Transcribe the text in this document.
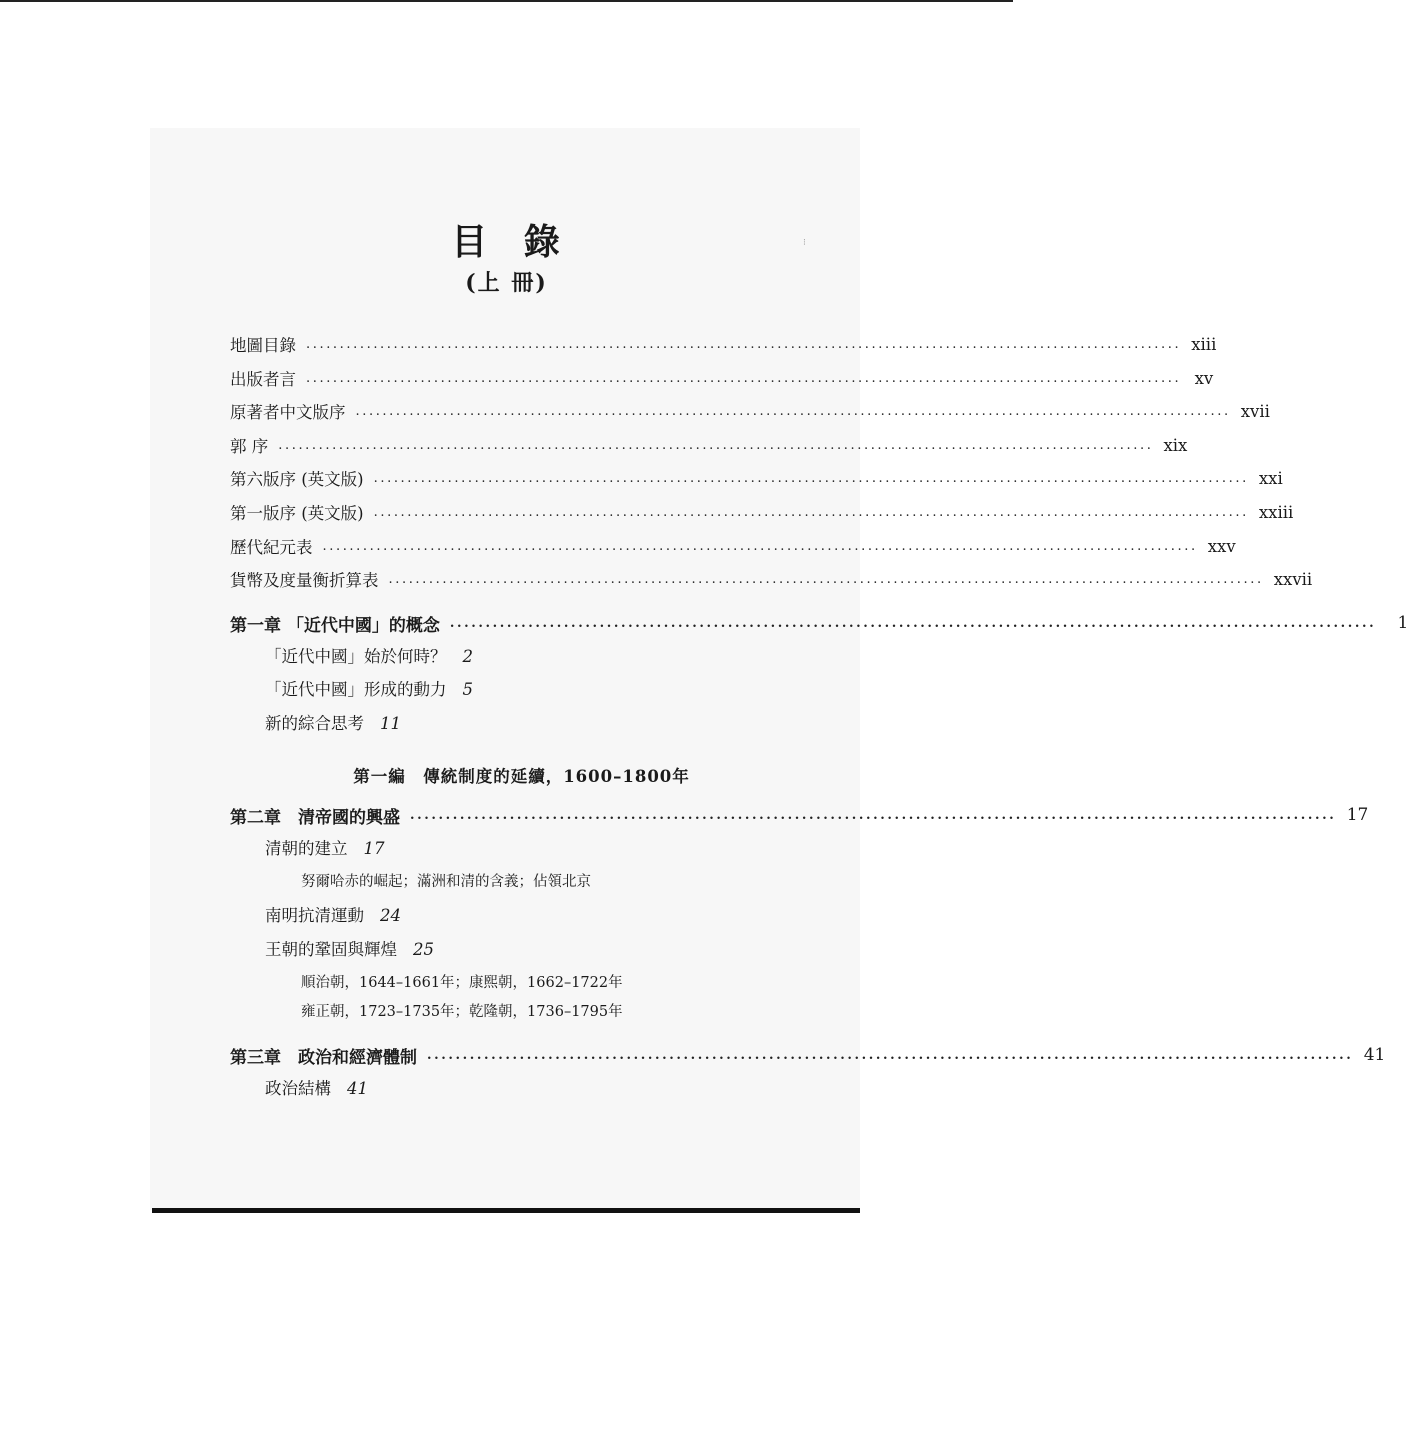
⁝
目 錄
(上 冊)
地圖目錄 .................................................................................................................................. xiii
出版者言 .................................................................................................................................. xv
原著者中文版序 .................................................................................................................................. xvii
郭 序 .................................................................................................................................. xix
第六版序 (英文版) .................................................................................................................................. xxi
第一版序 (英文版) .................................................................................................................................. xxiii
歷代紀元表 .................................................................................................................................. xxv
貨幣及度量衡折算表 .................................................................................................................................. xxvii
第一章 「近代中國」的概念 ..................................................................................................................................	1
「近代中國」始於何時？ 2
「近代中國」形成的動力 5
新的綜合思考 11
第一編　傳統制度的延續，1600–1800年
第二章　清帝國的興盛 .................................................................................................................................. 17
清朝的建立 17
努爾哈赤的崛起；滿洲和清的含義；佔領北京
南明抗清運動 24
王朝的鞏固與輝煌 25
順治朝，1644–1661年；康熙朝，1662–1722年
雍正朝，1723–1735年；乾隆朝，1736–1795年
第三章　政治和經濟體制 .................................................................................................................................. 41
政治結構 41
